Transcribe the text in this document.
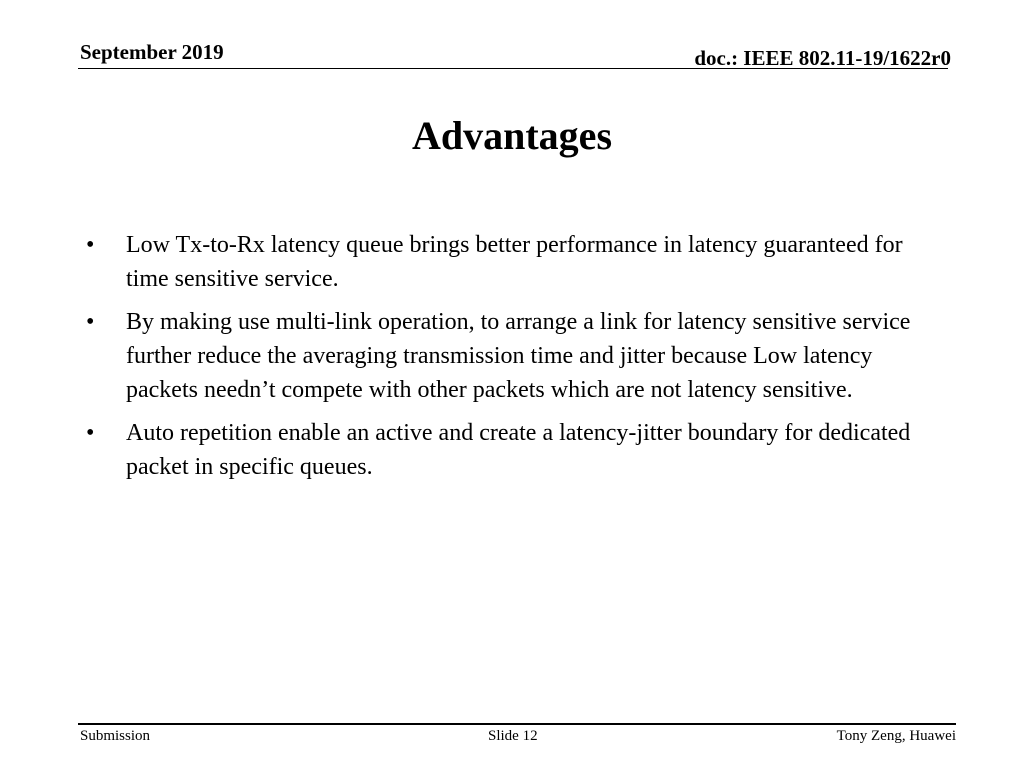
September 2019	doc.: IEEE 802.11-19/1622r0
Advantages
• Low Tx-to-Rx latency queue brings better performance in latency guaranteed for time sensitive service.
• By making use multi-link operation, to arrange a link for latency sensitive service further reduce the averaging transmission time and jitter because Low latency packets needn’t compete with other packets which are not latency sensitive.
• Auto repetition enable an active and create a latency-jitter boundary for dedicated packet in specific queues.
Submission	Slide 12	Tony Zeng, Huawei
